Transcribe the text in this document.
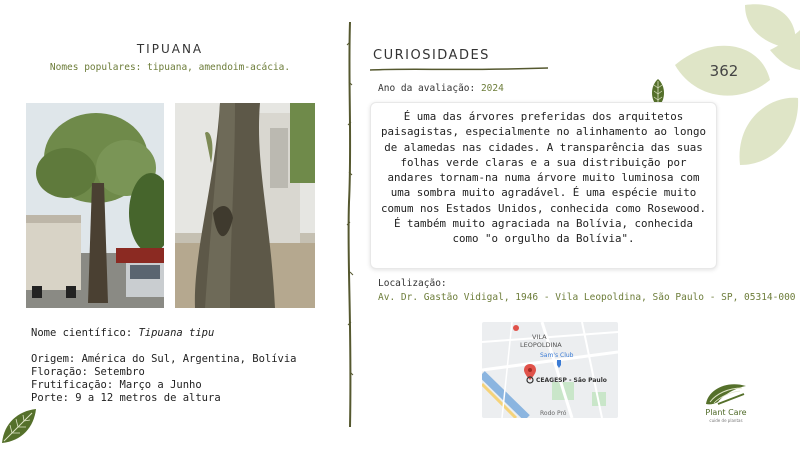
362
TIPUANA
Nomes populares: tipuana, amendoim-acácia.
Nome científico: Tipuana tipu
Origem: América do Sul, Argentina, Bolívia
Floração: Setembro
Frutificação: Março a Junho
Porte: 9 a 12 metros de altura
CURIOSIDADES
Ano da avaliação: 2024
É uma das árvores preferidas dos arquitetos paisagistas, especialmente no alinhamento ao longo de alamedas nas cidades. A transparência das suas folhas verde claras e a sua distribuição por andares tornam-na numa árvore muito luminosa com uma sombra muito agradável. É uma espécie muito comum nos Estados Unidos, conhecida como Rosewood. É também muito agraciada na Bolívia, conhecida como "o orgulho da Bolívia".
Localização:
Av. Dr. Gastão Vidigal, 1946 - Vila Leopoldina, São Paulo - SP, 05314-000
VILA
LEOPOLDINA
Sam's Club
CEAGESP - São Paulo
Rodo Pró	Plant Care
cuide de plantas
